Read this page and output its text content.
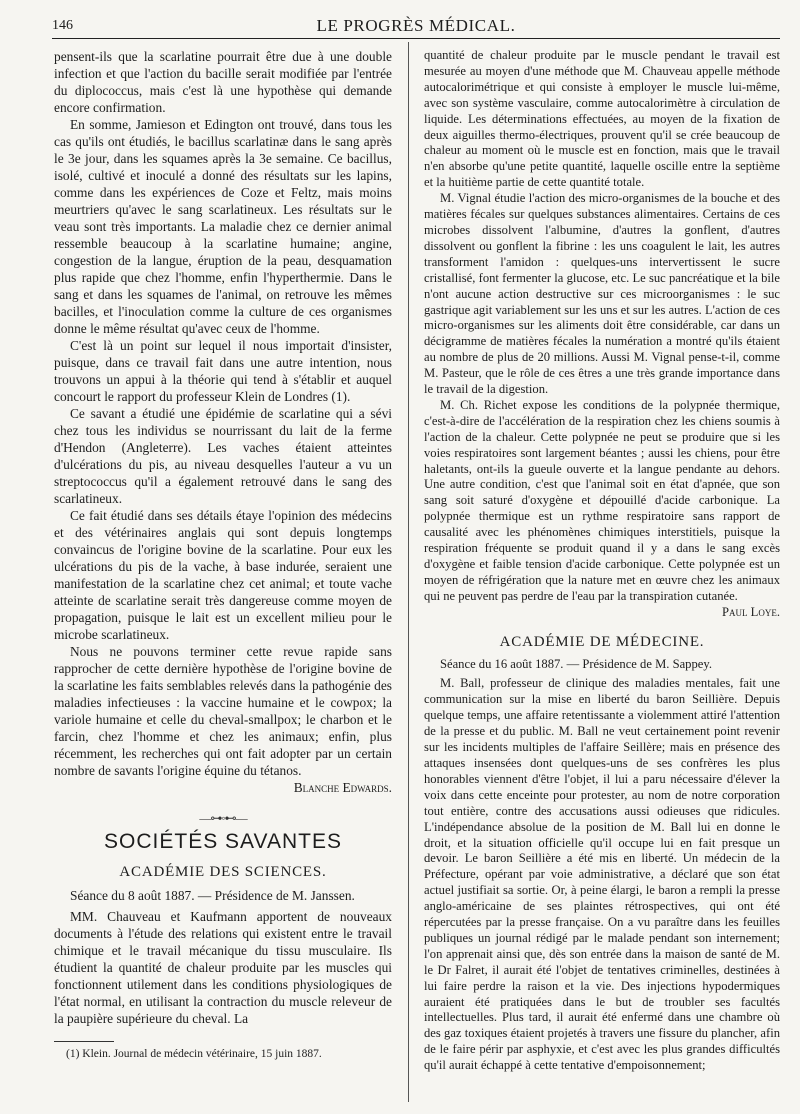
146	LE PROGRÈS MÉDICAL.

pensent-ils que la scarlatine pourrait être due à une double infection et que l'action du bacille serait modifiée par l'entrée du diplococcus, mais c'est là une hypothèse qui demande encore confirmation.

En somme, Jamieson et Edington ont trouvé, dans tous les cas qu'ils ont étudiés, le bacillus scarlatinæ dans le sang après le 3e jour, dans les squames après la 3e semaine. Ce bacillus, isolé, cultivé et inoculé a donné des résultats sur les lapins, comme dans les expériences de Coze et Feltz, mais moins meurtriers qu'avec le sang scarlatineux. Les résultats sur le veau sont très importants. La maladie chez ce dernier animal ressemble beaucoup à la scarlatine humaine; angine, congestion de la langue, éruption de la peau, desquamation plus rapide que chez l'homme, enfin l'hyperthermie. Dans le sang et dans les squames de l'animal, on retrouve les mêmes bacilles, et l'inoculation comme la culture de ces organismes donne le même résultat qu'avec ceux de l'homme.

C'est là un point sur lequel il nous importait d'insister, puisque, dans ce travail fait dans une autre intention, nous trouvons un appui à la théorie qui tend à s'établir et auquel concourt le rapport du professeur Klein de Londres (1).

Ce savant a étudié une épidémie de scarlatine qui a sévi chez tous les individus se nourrissant du lait de la ferme d'Hendon (Angleterre). Les vaches étaient atteintes d'ulcérations du pis, au niveau desquelles l'auteur a vu un streptococcus qu'il a également retrouvé dans le sang des scarlatineux.

Ce fait étudié dans ses détails étaye l'opinion des médecins et des vétérinaires anglais qui sont depuis longtemps convaincus de l'origine bovine de la scarlatine. Pour eux les ulcérations du pis de la vache, à base indurée, seraient une manifestation de la scarlatine chez cet animal; et toute vache atteinte de scarlatine serait très dangereuse comme moyen de propagation, puisque le lait est un excellent milieu pour le microbe scarlatineux.

Nous ne pouvons terminer cette revue rapide sans rapprocher de cette dernière hypothèse de l'origine bovine de la scarlatine les faits semblables relevés dans la pathogénie des maladies infectieuses : la vaccine humaine et le cowpox; la variole humaine et celle du cheval-smallpox; le charbon et le farcin, chez l'homme et chez les animaux; enfin, plus récemment, les recherches qui ont fait adopter par un certain nombre de savants l'origine équine du tétanos.

Blanche Edwards.
—⊶◦⊷—
SOCIÉTÉS SAVANTES
ACADÉMIE DES SCIENCES.

Séance du 8 août 1887. — Présidence de M. Janssen.

MM. Chauveau et Kaufmann apportent de nouveaux documents à l'étude des relations qui existent entre le travail chimique et le travail mécanique du tissu musculaire. Ils étudient la quantité de chaleur produite par les muscles qui fonctionnent utilement dans les conditions physiologiques de l'état normal, en utilisant la contraction du muscle releveur de la paupière supérieure du cheval. La

(1) Klein. Journal de médecin vétérinaire, 15 juin 1887.

quantité de chaleur produite par le muscle pendant le travail est mesurée au moyen d'une méthode que M. Chauveau appelle méthode autocalorimétrique et qui consiste à employer le muscle lui-même, avec son système vasculaire, comme autocalorimètre à circulation de liquide. Les déterminations effectuées, au moyen de la fixation de deux aiguilles thermo-électriques, prouvent qu'il se crée beaucoup de chaleur au moment où le muscle est en fonction, mais que le travail n'en absorbe qu'une petite quantité, laquelle oscille entre la septième et la huitième partie de cette quantité totale.

M. Vignal étudie l'action des micro-organismes de la bouche et des matières fécales sur quelques substances alimentaires. Certains de ces microbes dissolvent l'albumine, d'autres la gonflent, d'autres dissolvent ou gonflent la fibrine : les uns coagulent le lait, les autres transforment l'amidon : quelques-uns intervertissent le sucre cristallisé, font fermenter la glucose, etc. Le suc pancréatique et la bile n'ont aucune action destructive sur ces microorganismes : le suc gastrique agit variablement sur les uns et sur les autres. L'action de ces micro-organismes sur les aliments doit être considérable, car dans un décigramme de matières fécales la numération a montré qu'ils étaient au nombre de plus de 20 millions. Aussi M. Vignal pense-t-il, comme M. Pasteur, que le rôle de ces êtres a une très grande importance dans le travail de la digestion.

M. Ch. Richet expose les conditions de la polypnée thermique, c'est-à-dire de l'accélération de la respiration chez les chiens soumis à l'action de la chaleur. Cette polypnée ne peut se produire que si les voies respiratoires sont largement béantes ; aussi les chiens, pour être haletants, ont-ils la gueule ouverte et la langue pendante au dehors. Une autre condition, c'est que l'animal soit en état d'apnée, que son sang soit saturé d'oxygène et dépouillé d'acide carbonique. La polypnée thermique est un rythme respiratoire sans rapport de causalité avec les phénomènes chimiques interstitiels, puisque la respiration fréquente se produit quand il y a dans le sang excès d'oxygène et faible tension d'acide carbonique. Cette polypnée est un moyen de réfrigération que la nature met en œuvre chez les animaux qui ne peuvent pas perdre de l'eau par la transpiration cutanée.

Paul Loye.
ACADÉMIE DE MÉDECINE.

Séance du 16 août 1887. — Présidence de M. Sappey.

M. Ball, professeur de clinique des maladies mentales, fait une communication sur la mise en liberté du baron Seillière. Depuis quelque temps, une affaire retentissante a violemment attiré l'attention de la presse et du public. M. Ball ne veut certainement point revenir sur les incidents multiples de l'affaire Seillère; mais en présence des attaques insensées dont quelques-uns de ses confrères les plus honorables viennent d'être l'objet, il lui a paru nécessaire d'élever la voix dans cette enceinte pour protester, au nom de notre corporation tout entière, contre des accusations aussi odieuses que ridicules. L'indépendance absolue de la position de M. Ball lui en donne le droit, et la situation officielle qu'il occupe lui en fait presque un devoir. Le baron Seillière a été mis en liberté. Un médecin de la Préfecture, opérant par voie administrative, a déclaré que son état actuel justifiait sa sortie. Or, à peine élargi, le baron a rempli la presse anglo-américaine de ses plaintes rétrospectives, qui ont été répercutées par la presse française. On a vu paraître dans les feuilles publiques un journal rédigé par le malade pendant son internement; l'on apprenait ainsi que, dès son entrée dans la maison de santé de M. le Dr Falret, il aurait été l'objet de tentatives criminelles, destinées à lui faire perdre la raison et la vie. Des injections hypodermiques auraient été pratiquées dans le but de troubler ses facultés intellectuelles. Plus tard, il aurait été enfermé dans une chambre où des gaz toxiques étaient projetés à travers une fissure du plancher, afin de le faire périr par asphyxie, et c'est avec les plus grandes difficultés qu'il aurait échappé à cette tentative d'empoisonnement;
